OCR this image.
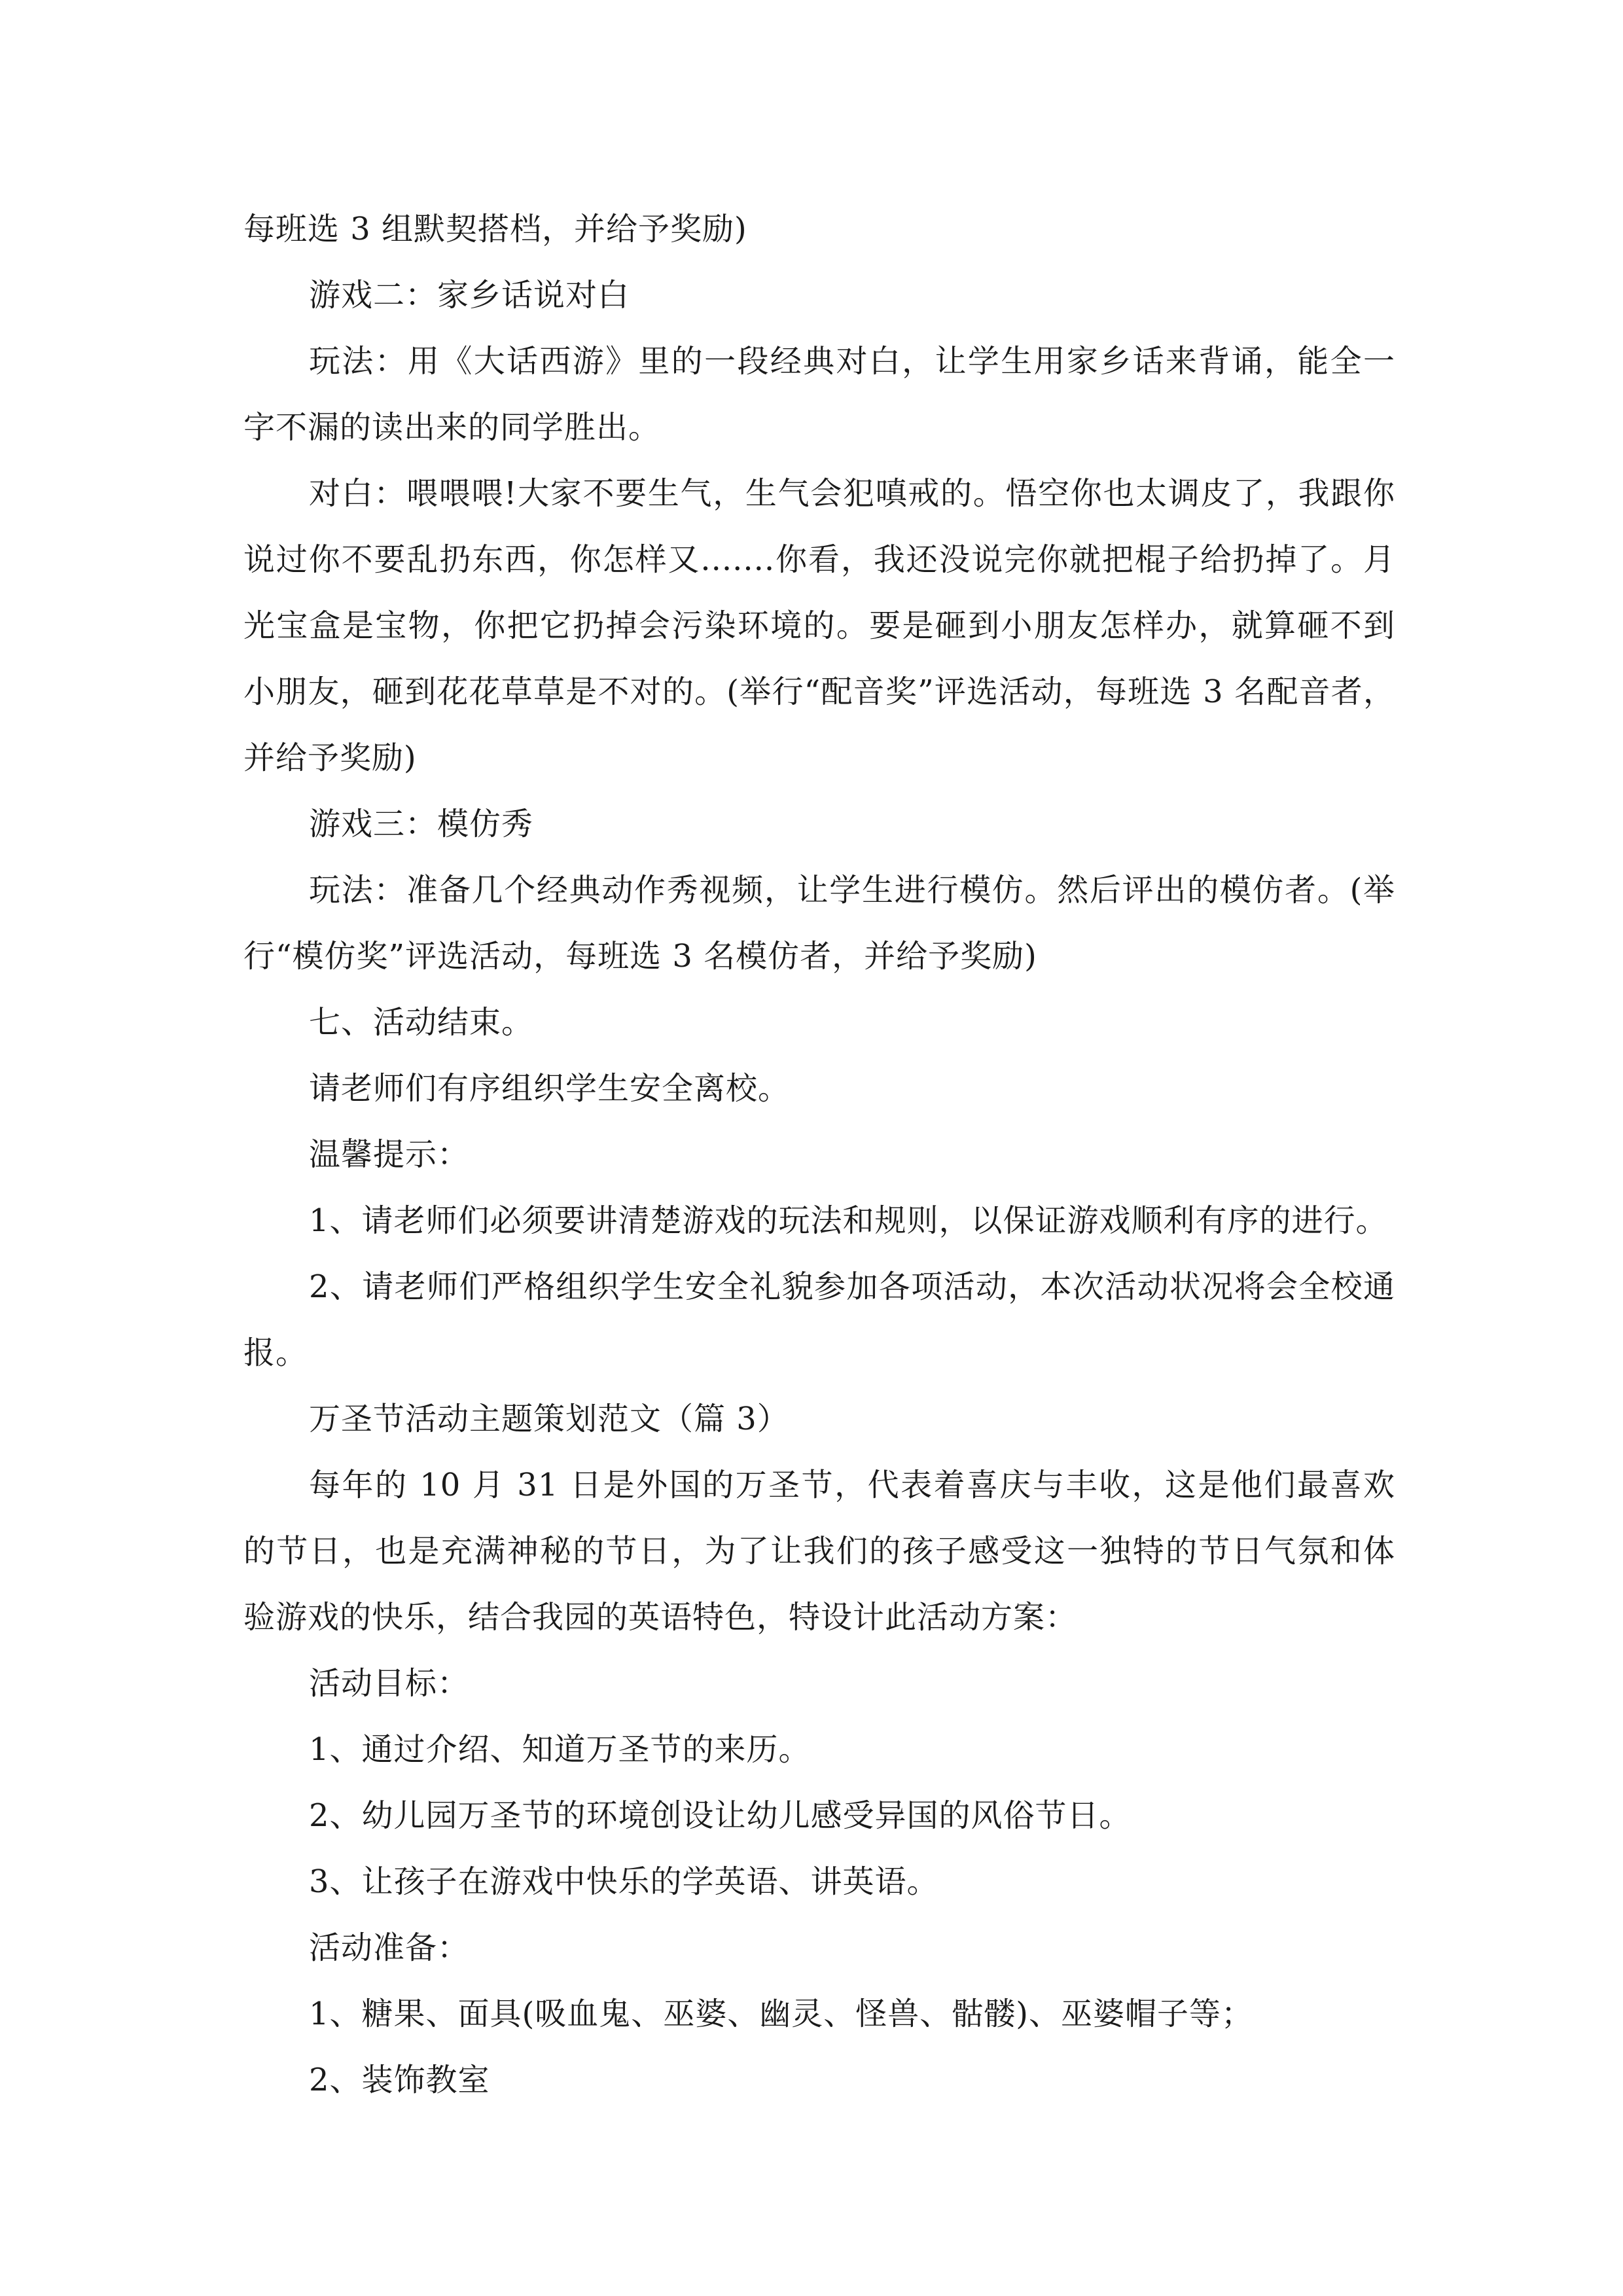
每班选 3 组默契搭档，并给予奖励)

游戏二：家乡话说对白

玩法：用《大话西游》里的一段经典对白，让学生用家乡话来背诵，能全一字不漏的读出来的同学胜出。

对白：喂喂喂!大家不要生气，生气会犯嗔戒的。悟空你也太调皮了，我跟你说过你不要乱扔东西，你怎样又.......你看，我还没说完你就把棍子给扔掉了。月光宝盒是宝物，你把它扔掉会污染环境的。要是砸到小朋友怎样办，就算砸不到小朋友，砸到花花草草是不对的。(举行“配音奖”评选活动，每班选 3 名配音者，并给予奖励)

游戏三：模仿秀

玩法：准备几个经典动作秀视频，让学生进行模仿。然后评出的模仿者。(举行“模仿奖”评选活动，每班选 3 名模仿者，并给予奖励)

七、活动结束。

请老师们有序组织学生安全离校。

温馨提示：

1、请老师们必须要讲清楚游戏的玩法和规则，以保证游戏顺利有序的进行。

2、请老师们严格组织学生安全礼貌参加各项活动，本次活动状况将会全校通报。

万圣节活动主题策划范文（篇 3）

每年的 10 月 31 日是外国的万圣节，代表着喜庆与丰收，这是他们最喜欢的节日，也是充满神秘的节日，为了让我们的孩子感受这一独特的节日气氛和体验游戏的快乐，结合我园的英语特色，特设计此活动方案：

活动目标：

1、通过介绍、知道万圣节的来历。

2、幼儿园万圣节的环境创设让幼儿感受异国的风俗节日。

3、让孩子在游戏中快乐的学英语、讲英语。

活动准备：

1、糖果、面具(吸血鬼、巫婆、幽灵、怪兽、骷髅)、巫婆帽子等；

2、装饰教室
